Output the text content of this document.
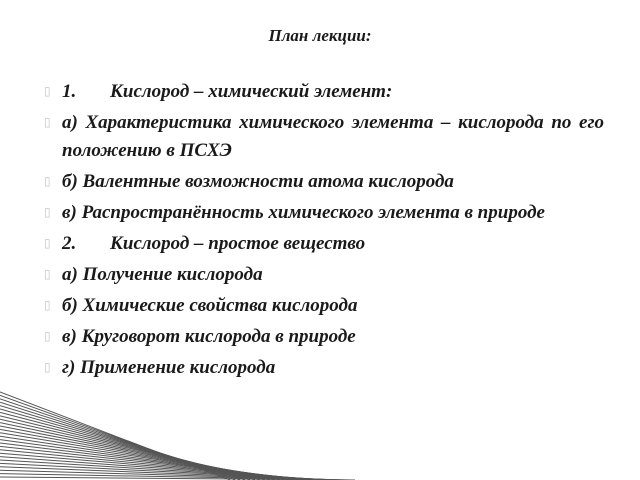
План лекции:
▯ 1. Кислород – химический элемент:
▯ а) Характеристика химического элемента – кислорода по его положению в ПСХЭ
▯ б) Валентные возможности атома кислорода
▯ в) Распространённость химического элемента в природе
▯ 2. Кислород – простое вещество
▯ а) Получение кислорода
▯ б) Химические свойства кислорода
▯ в) Круговорот кислорода в природе
▯ г) Применение кислорода
